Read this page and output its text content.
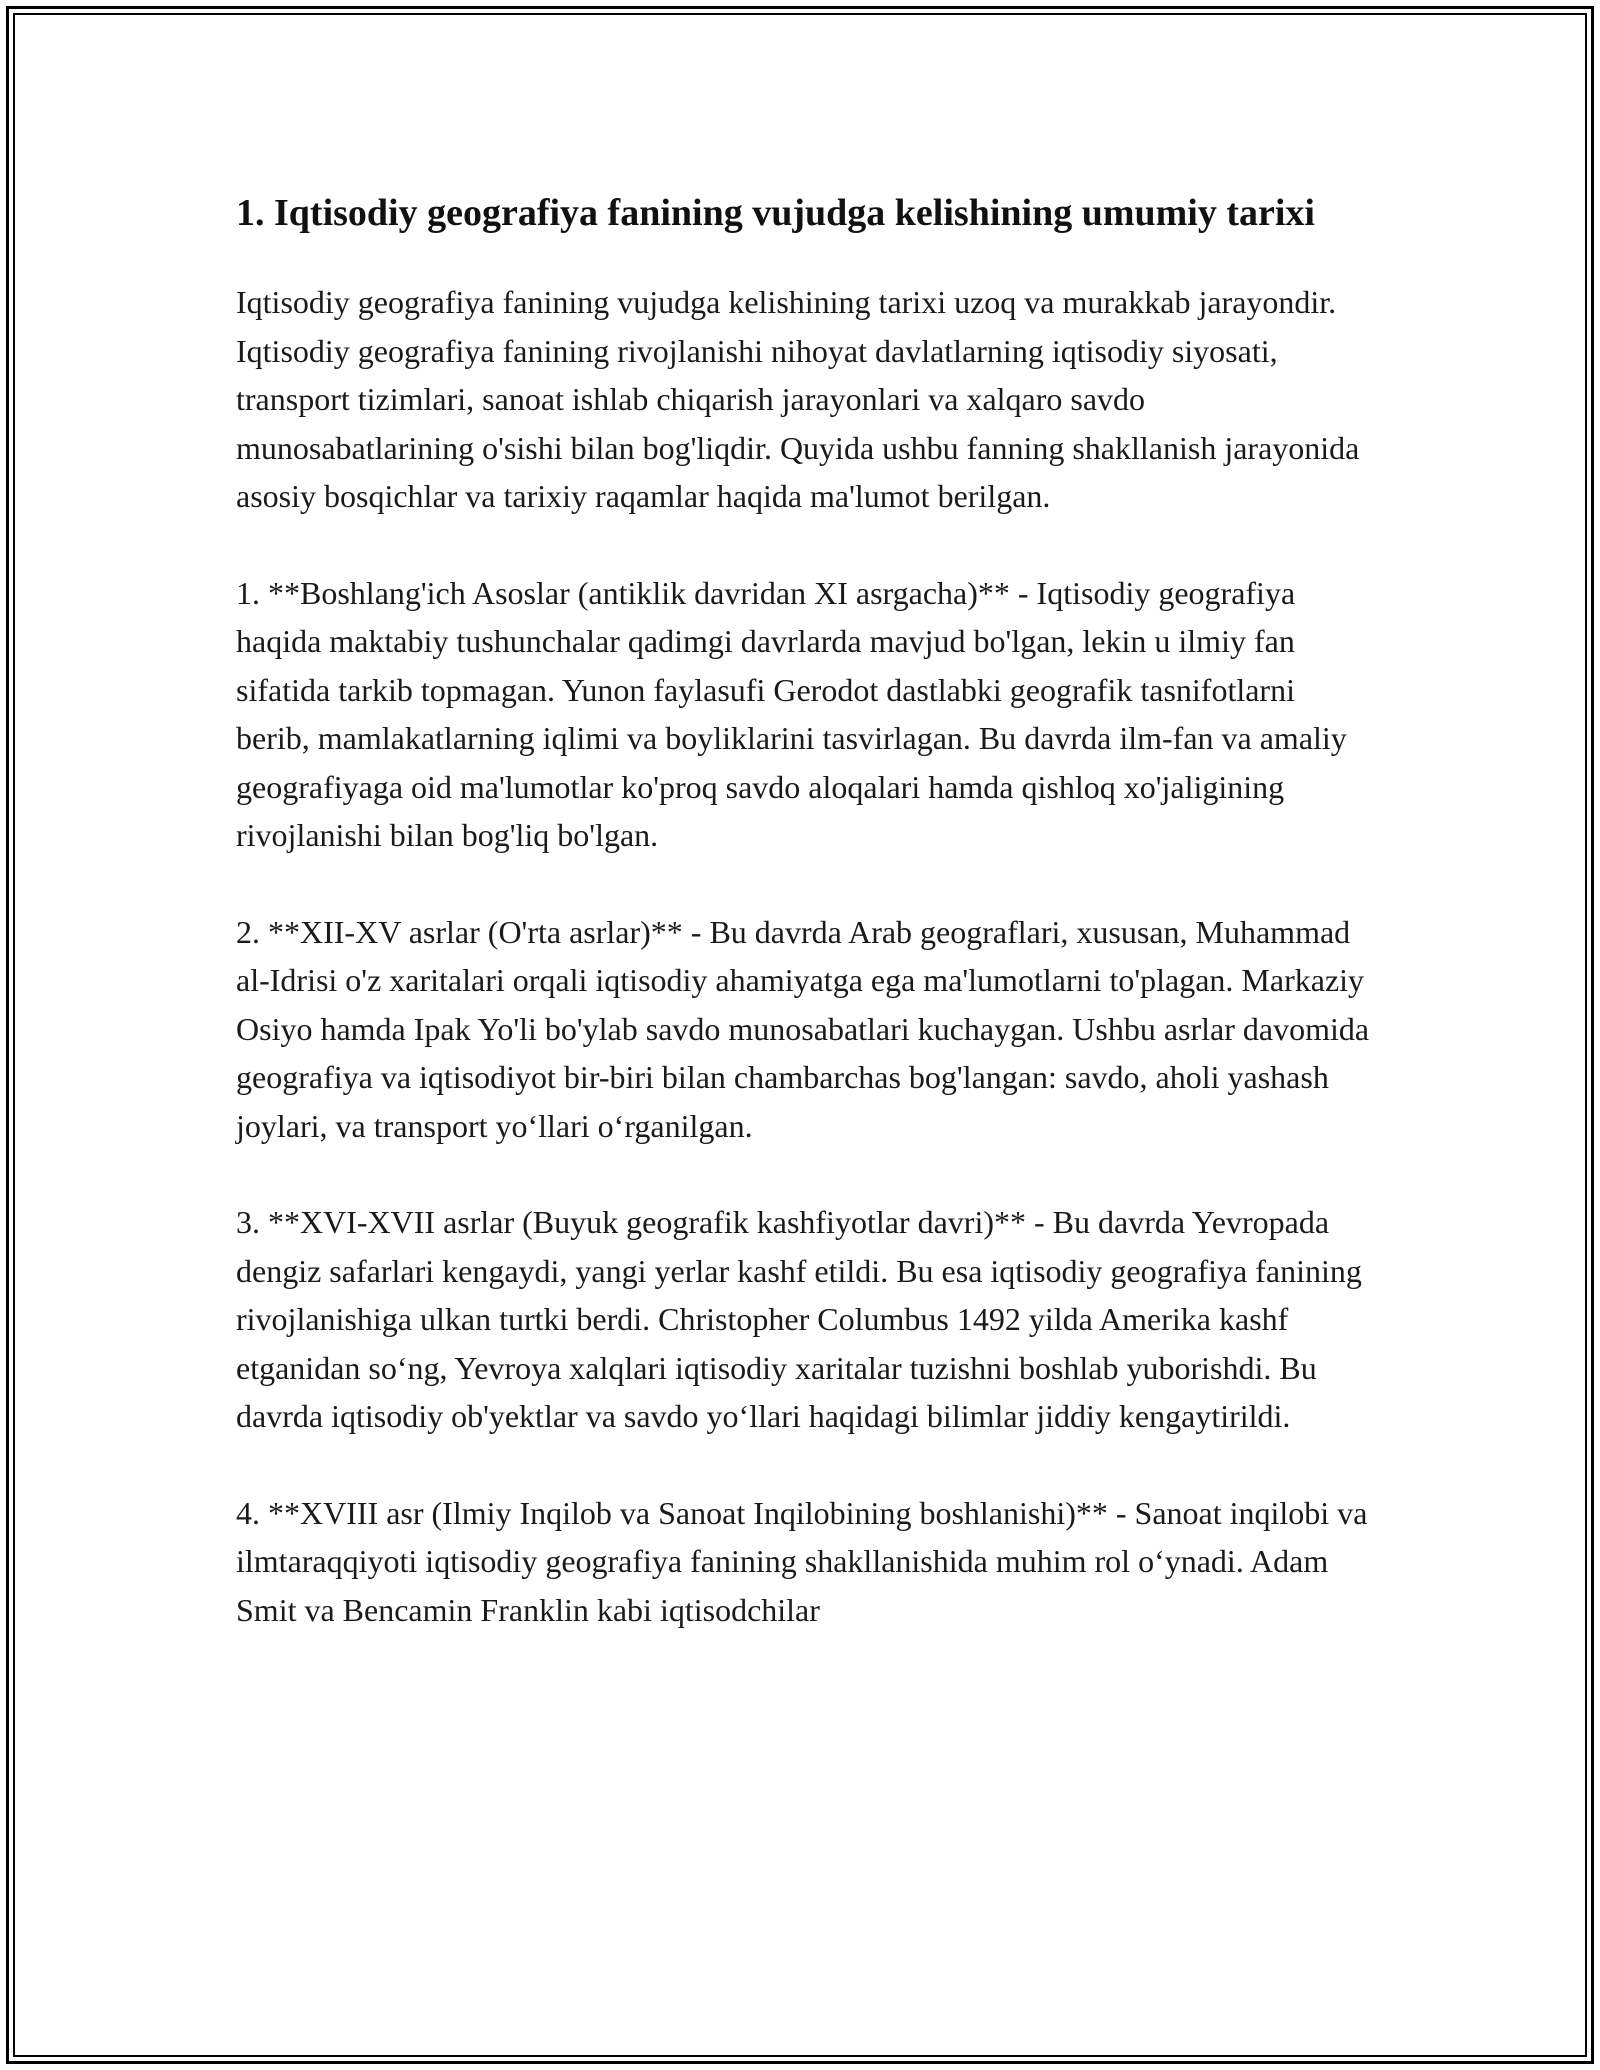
1. Iqtisodiy geografiya fanining vujudga kelishining umumiy tarixi

Iqtisodiy geografiya fanining vujudga kelishining tarixi uzoq va murakkab jarayondir. Iqtisodiy geografiya fanining rivojlanishi nihoyat davlatlarning iqtisodiy siyosati, transport tizimlari, sanoat ishlab chiqarish jarayonlari va xalqaro savdo munosabatlarining o'sishi bilan bog'liqdir. Quyida ushbu fanning shakllanish jarayonida asosiy bosqichlar va tarixiy raqamlar haqida ma'lumot berilgan.

1. **Boshlang'ich Asoslar (antiklik davridan XI asrgacha)** - Iqtisodiy geografiya haqida maktabiy tushunchalar qadimgi davrlarda mavjud bo'lgan, lekin u ilmiy fan sifatida tarkib topmagan. Yunon faylasufi Gerodot dastlabki geografik tasnifotlarni berib, mamlakatlarning iqlimi va boyliklarini tasvirlagan. Bu davrda ilm-fan va amaliy geografiyaga oid ma'lumotlar ko'proq savdo aloqalari hamda qishloq xo'jaligining rivojlanishi bilan bog'liq bo'lgan.

2. **XII-XV asrlar (O'rta asrlar)** - Bu davrda Arab geograflari, xususan, Muhammad al-Idrisi o'z xaritalari orqali iqtisodiy ahamiyatga ega ma'lumotlarni to'plagan. Markaziy Osiyo hamda Ipak Yo'li bo'ylab savdo munosabatlari kuchaygan. Ushbu asrlar davomida geografiya va iqtisodiyot bir-biri bilan chambarchas bog'langan: savdo, aholi yashash joylari, va transport yo‘llari o‘rganilgan.

3. **XVI-XVII asrlar (Buyuk geografik kashfiyotlar davri)** - Bu davrda Yevropada dengiz safarlari kengaydi, yangi yerlar kashf etildi. Bu esa iqtisodiy geografiya fanining rivojlanishiga ulkan turtki berdi. Christopher Columbus 1492 yilda Amerika kashf etganidan so‘ng, Yevroya xalqlari iqtisodiy xaritalar tuzishni boshlab yuborishdi. Bu davrda iqtisodiy ob'yektlar va savdo yo‘llari haqidagi bilimlar jiddiy kengaytirildi.

4. **XVIII asr (Ilmiy Inqilob va Sanoat Inqilobining boshlanishi)** - Sanoat inqilobi va ilmtaraqqiyoti iqtisodiy geografiya fanining shakllanishida muhim rol o‘ynadi. Adam Smit va Bencamin Franklin kabi iqtisodchilar
